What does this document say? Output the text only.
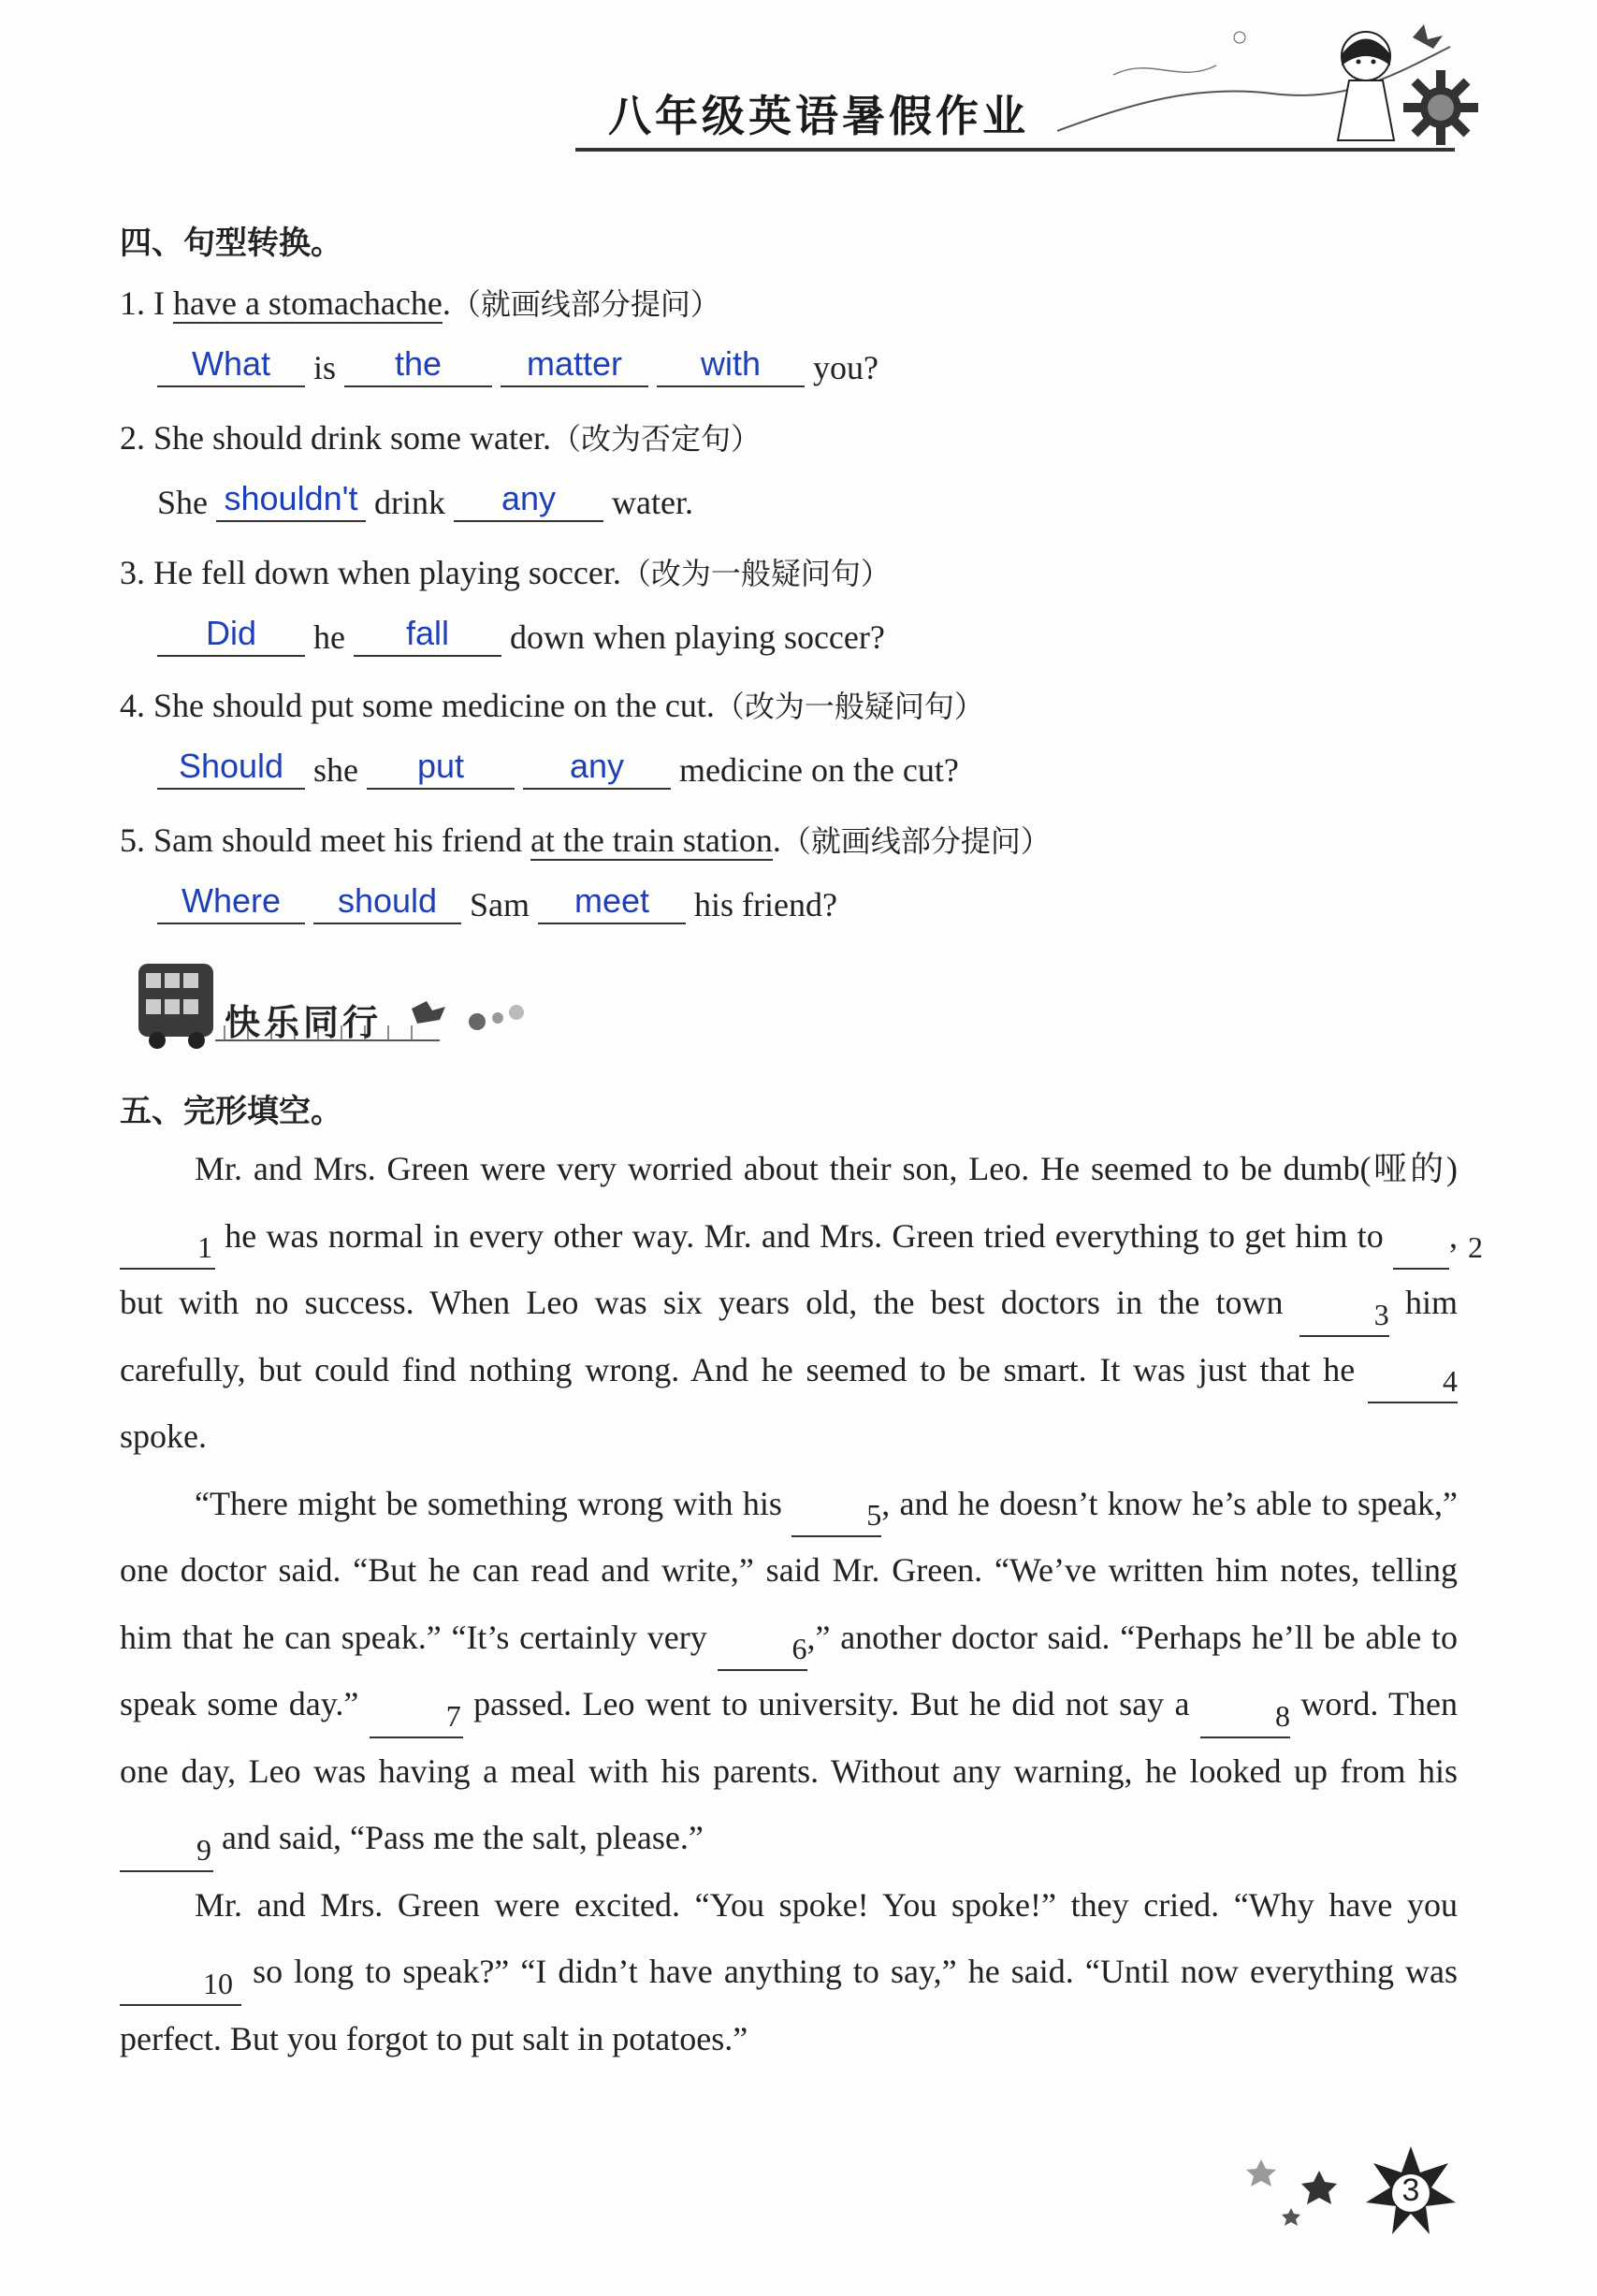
八年级英语暑假作业
四、句型转换。
1. I have a stomachache.（就画线部分提问）
What is the	matter with you?
2. She should drink some water.（改为否定句）
She shouldn't drink any water.
3. He fell down when playing soccer.（改为一般疑问句）
Did he fall down when playing soccer?
4. She should put some medicine on the cut.（改为一般疑问句）
Should she put	any medicine on the cut?
5. Sam should meet his friend at the train station.（就画线部分提问）
Where should Sam meet his friend?
快乐同行
五、完形填空。

Mr. and Mrs. Green were very worried about their son, Leo. He seemed to be dumb(哑的) 1 he was normal in every other way. Mr. and Mrs. Green tried everything to get him to	2, but with no success. When Leo was six years old, the best doctors in the town	3 him carefully, but could find nothing wrong. And he seemed to be smart. It was just that he	4 spoke.

“There might be something wrong with his	5, and he doesn’t know he’s able to speak,” one doctor said. “But he can read and write,” said Mr. Green. “We’ve written him notes, telling him that he can speak.” “It’s certainly very	6,” another doctor said. “Perhaps he’ll be able to speak some day.”	7 passed. Leo went to university. But he did not say a	8 word. Then one day, Leo was having a meal with his parents. Without any warning, he looked up from his 9 and said, “Pass me the salt, please.”

Mr. and Mrs. Green were excited. “You spoke! You spoke!” they cried. “Why have you 10 so long to speak?” “I didn’t have anything to say,” he said. “Until now everything was perfect. But you forgot to put salt in potatoes.”

3
